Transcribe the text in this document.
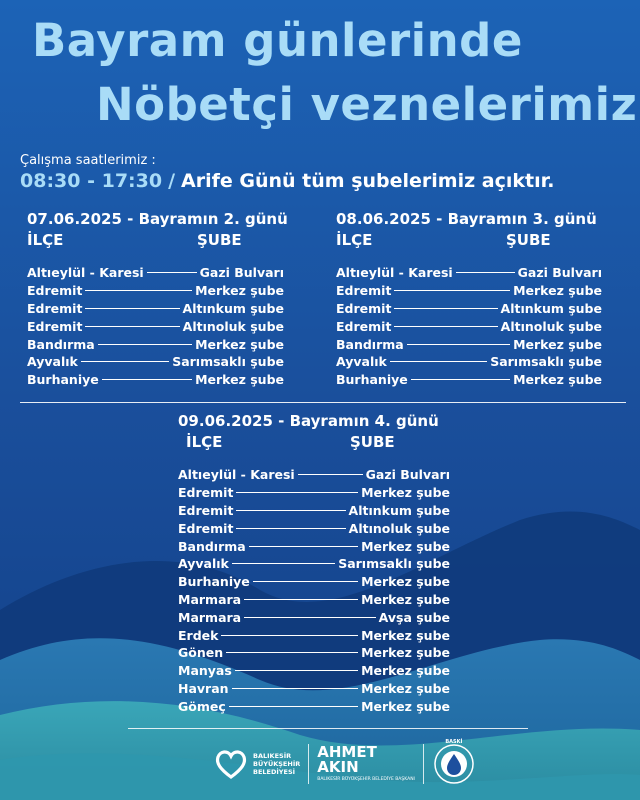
Bayram günlerinde
Nöbetçi veznelerimiz
Çalışma saatlerimiz :
08:30 - 17:30 / Arife Günü tüm şubelerimiz açıktır.
07.06.2025 - Bayramın 2. günü
İLÇE	ŞUBE
Altıeylül - Karesi	Gazi Bulvarı
Edremit	Merkez şube
Edremit	Altınkum şube
Edremit	Altınoluk şube
Bandırma	Merkez şube
Ayvalık	Sarımsaklı şube
Burhaniye	Merkez şube
08.06.2025 - Bayramın 3. günü
İLÇE	ŞUBE
Altıeylül - Karesi	Gazi Bulvarı
Edremit	Merkez şube
Edremit	Altınkum şube
Edremit	Altınoluk şube
Bandırma	Merkez şube
Ayvalık	Sarımsaklı şube
Burhaniye	Merkez şube
09.06.2025 - Bayramın 4. günü
İLÇE	ŞUBE
Altıeylül - Karesi	Gazi Bulvarı
Edremit	Merkez şube
Edremit	Altınkum şube
Edremit	Altınoluk şube
Bandırma	Merkez şube
Ayvalık	Sarımsaklı şube
Burhaniye	Merkez şube
Marmara	Merkez şube
Marmara	Avşa şube
Erdek	Merkez şube
Gönen	Merkez şube
Manyas	Merkez şube
Havran	Merkez şube
Gömeç	Merkez şube
BALIKESİR
BÜYÜKŞEHİR
BELEDİYESİ
AHMET
AKIN
BALIKESİR BÜYÜKŞEHİR BELEDİYE BAŞKANI
BASKİ
